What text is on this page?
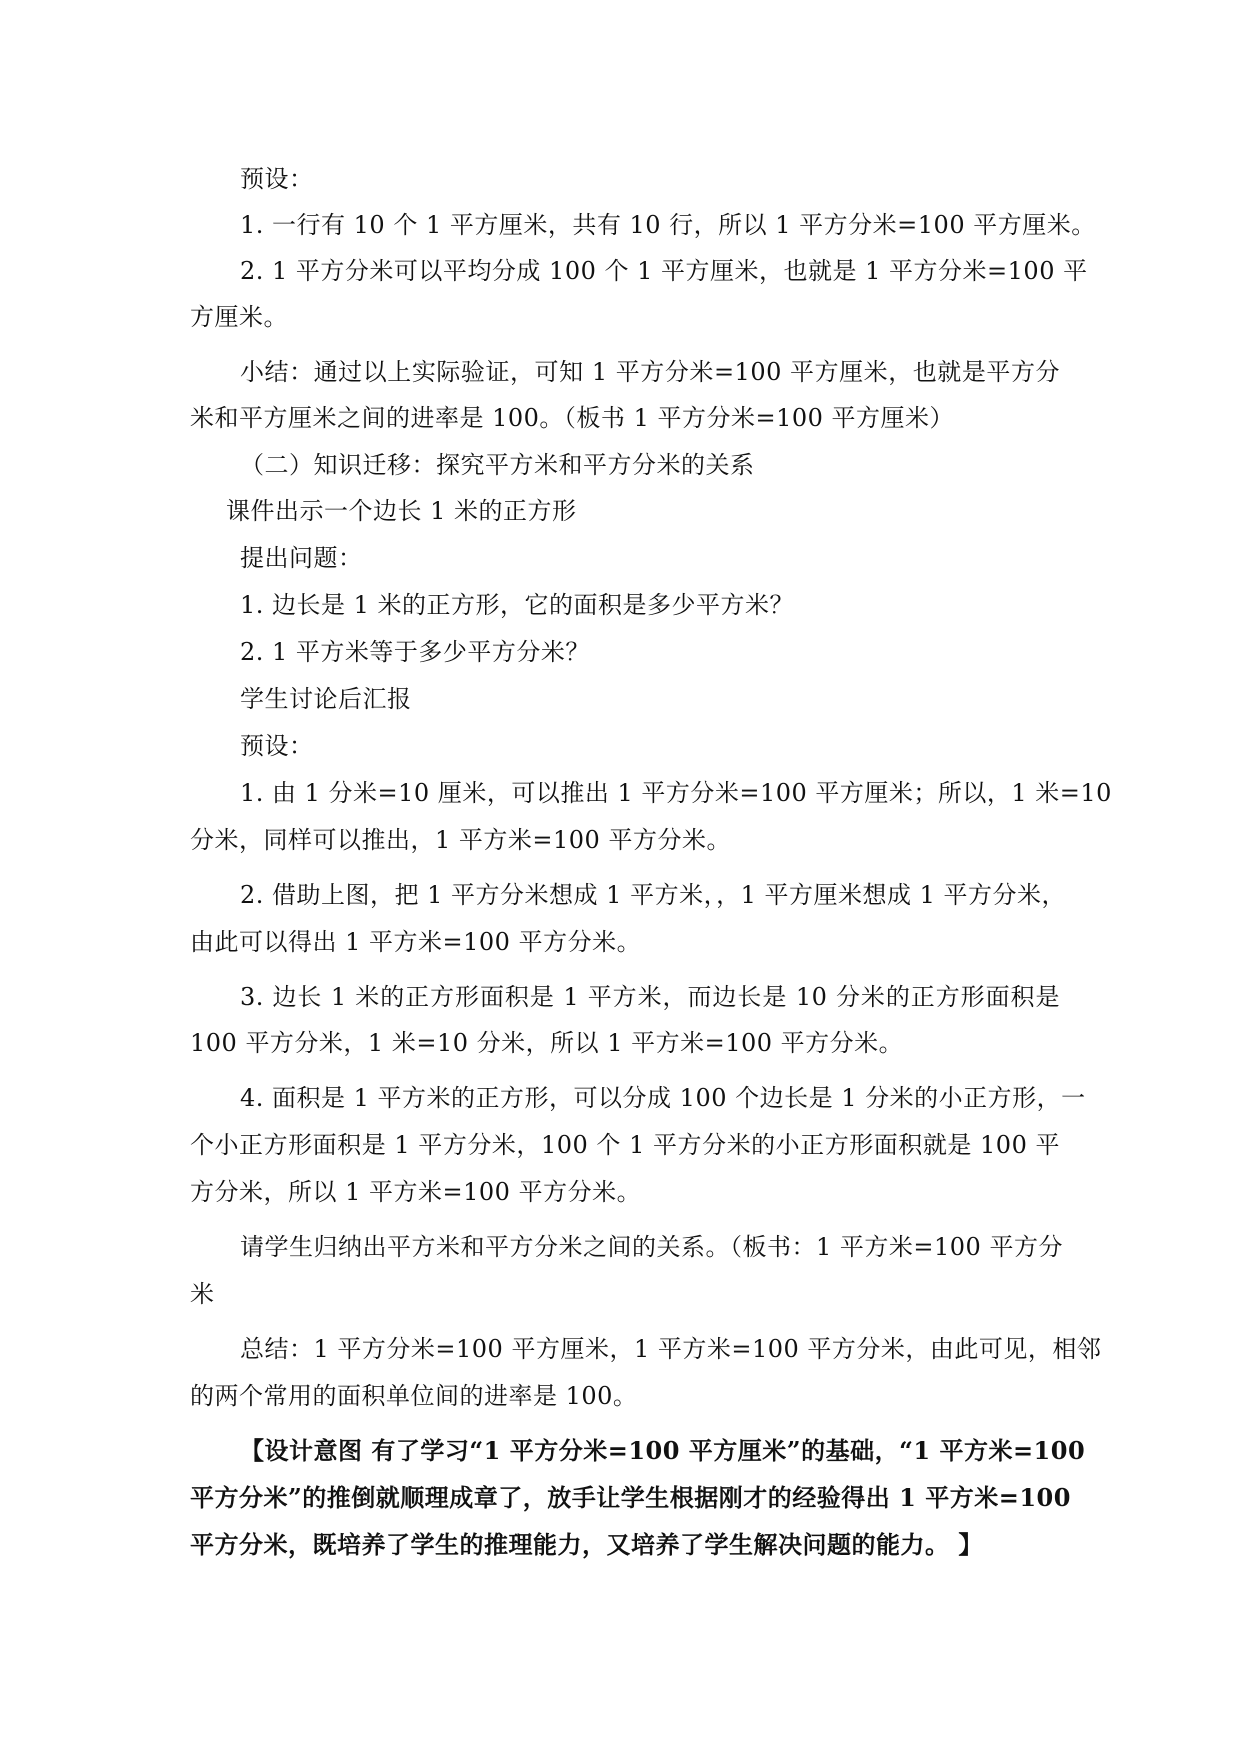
预设：
1. 一行有 10 个 1 平方厘米，共有 10 行，所以 1 平方分米=100 平方厘米。
2. 1 平方分米可以平均分成 100 个 1 平方厘米，也就是 1 平方分米=100 平
方厘米。
小结：通过以上实际验证，可知 1 平方分米=100 平方厘米，也就是平方分
米和平方厘米之间的进率是 100。（板书 1 平方分米=100 平方厘米）
（二）知识迁移：探究平方米和平方分米的关系
课件出示一个边长 1 米的正方形
提出问题：
1. 边长是 1 米的正方形，它的面积是多少平方米？
2. 1 平方米等于多少平方分米？
学生讨论后汇报
预设：
1. 由 1 分米=10 厘米，可以推出 1 平方分米=100 平方厘米；所以，1 米=10
分米，同样可以推出，1 平方米=100 平方分米。
2. 借助上图，把 1 平方分米想成 1 平方米，，1 平方厘米想成 1 平方分米，
由此可以得出 1 平方米=100 平方分米。
3. 边长 1 米的正方形面积是 1 平方米，而边长是 10 分米的正方形面积是
100 平方分米，1 米=10 分米，所以 1 平方米=100 平方分米。
4. 面积是 1 平方米的正方形，可以分成 100 个边长是 1 分米的小正方形，一
个小正方形面积是 1 平方分米，100 个 1 平方分米的小正方形面积就是 100 平
方分米，所以 1 平方米=100 平方分米。
请学生归纳出平方米和平方分米之间的关系。（板书：1 平方米=100 平方分
米
总结：1 平方分米=100 平方厘米，1 平方米=100 平方分米，由此可见，相邻
的两个常用的面积单位间的进率是 100。
【设计意图 有了学习“1 平方分米=100 平方厘米”的基础，“1 平方米=100
平方分米”的推倒就顺理成章了，放手让学生根据刚才的经验得出 1 平方米=100
平方分米，既培养了学生的推理能力，又培养了学生解决问题的能力。 】
